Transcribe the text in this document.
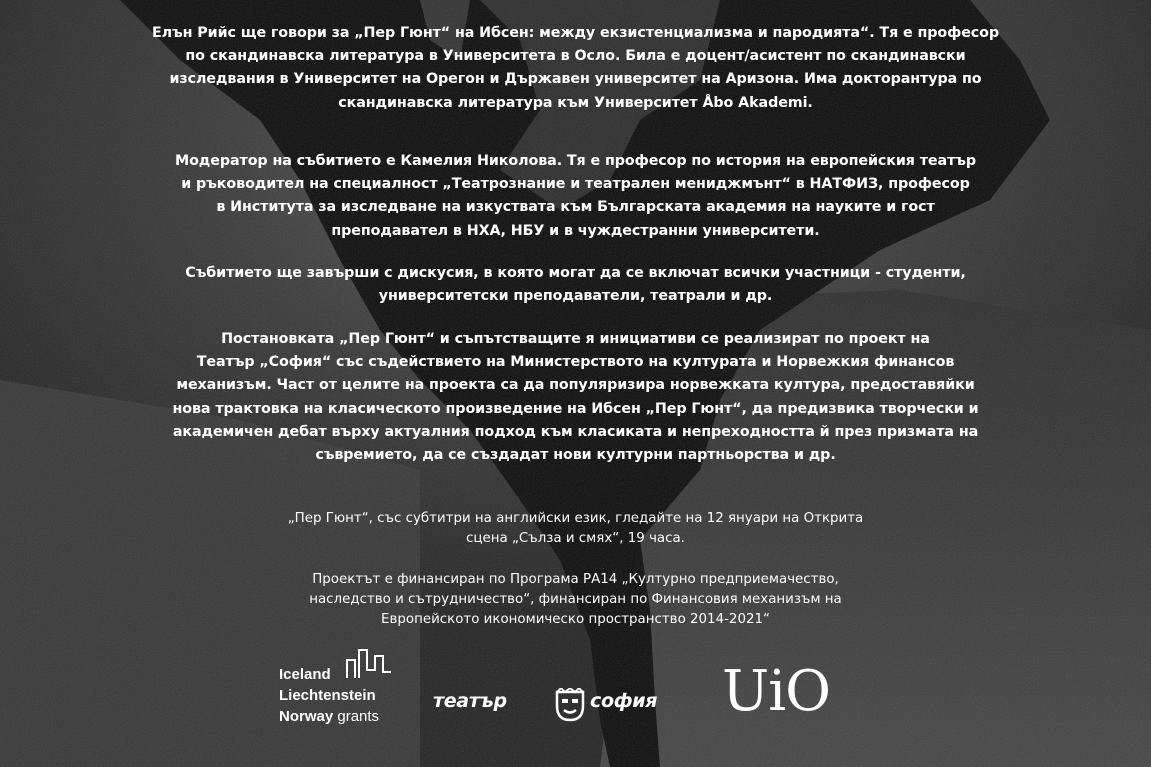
Елън Рийс ще говори за „Пер Гюнт“ на Ибсен: между екзистенциализма и пародията“. Тя е професор
по скандинавска литература в Университета в Осло. Била е доцент/асистент по скандинавски
изследвания в Университет на Орегон и Държавен университет на Аризона. Има докторантура по
скандинавска литература към Университет Åbo Akademi.
Модератор на събитието е Камелия Николова. Тя е професор по история на европейския театър
и ръководител на специалност „Театрознание и театрален мениджмънт“ в НАТФИЗ, професор
в Института за изследване на изкуствата към Българската академия на науките и гост
преподавател в НХА, НБУ и в чуждестранни университети.
Събитието ще завърши с дискусия, в която могат да се включат всички участници - студенти,
университетски преподаватели, театрали и др.
Постановката „Пер Гюнт“ и съпътстващите я инициативи се реализират по проект на
Театър „София“ със съдействието на Министерството на културата и Норвежкия финансов
механизъм. Част от целите на проекта са да популяризира норвежката култура, предоставяйки
нова трактовка на класическото произведение на Ибсен „Пер Гюнт“, да предизвика творчески и
академичен дебат върху актуалния подход към класиката и непреходността й през призмата на
съвремието, да се създадат нови културни партньорства и др.
„Пер Гюнт“, със субтитри на английски език, гледайте на 12 януари на Открита
сцена „Сълза и смях“, 19 часа.
Проектът е финансиран по Програма РА14 „Културно предприемачество,
наследство и сътрудничество“, финансиран по Финансовия механизъм на
Европейското икономическо пространство 2014-2021“
Iceland
Liechtenstein
Norway grants
театър	софия UiO
